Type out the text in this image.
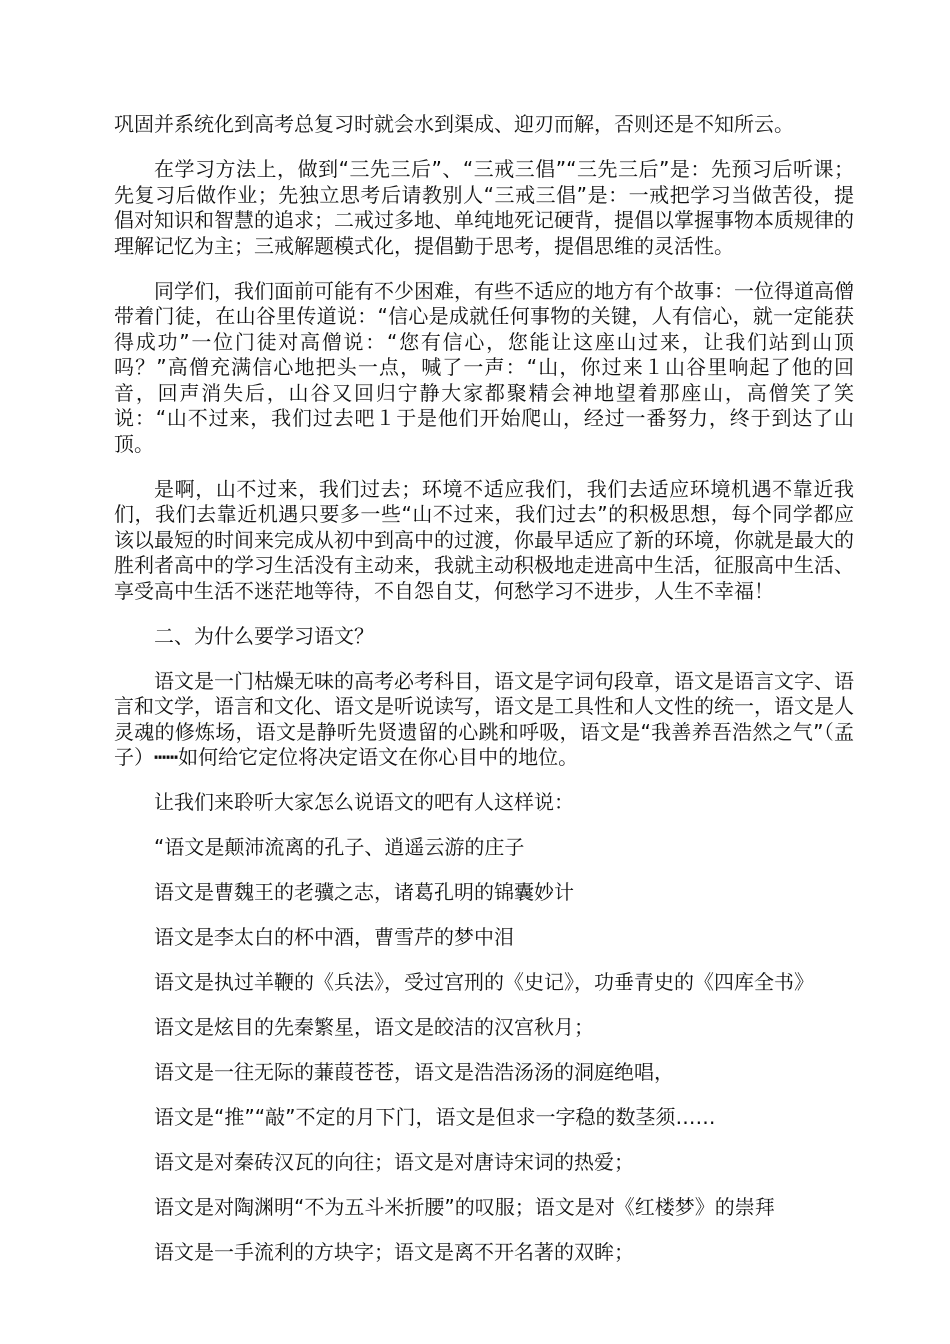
巩固并系统化到高考总复习时就会水到渠成、迎刃而解，否则还是不知所云。

在学习方法上，做到“三先三后”、“三戒三倡”“三先三后”是：先预习后听课；先复习后做作业；先独立思考后请教别人“三戒三倡”是：一戒把学习当做苦役，提倡对知识和智慧的追求；二戒过多地、单纯地死记硬背，提倡以掌握事物本质规律的理解记忆为主；三戒解题模式化，提倡勤于思考，提倡思维的灵活性。

同学们，我们面前可能有不少困难，有些不适应的地方有个故事：一位得道高僧带着门徒，在山谷里传道说：“信心是成就任何事物的关键，人有信心，就一定能获得成功”一位门徒对高僧说：“您有信心，您能让这座山过来，让我们站到山顶吗？”高僧充满信心地把头一点，喊了一声：“山，你过来１山谷里响起了他的回音，回声消失后，山谷又回归宁静大家都聚精会神地望着那座山，高僧笑了笑说：“山不过来，我们过去吧１于是他们开始爬山，经过一番努力，终于到达了山顶。

是啊，山不过来，我们过去；环境不适应我们，我们去适应环境机遇不靠近我们，我们去靠近机遇只要多一些“山不过来，我们过去”的积极思想，每个同学都应该以最短的时间来完成从初中到高中的过渡，你最早适应了新的环境，你就是最大的胜利者高中的学习生活没有主动来，我就主动积极地走进高中生活，征服高中生活、享受高中生活不迷茫地等待，不自怨自艾，何愁学习不进步，人生不幸福！

二、为什么要学习语文？

语文是一门枯燥无味的高考必考科目，语文是字词句段章，语文是语言文字、语言和文学，语言和文化、语文是听说读写，语文是工具性和人文性的统一，语文是人灵魂的修炼场，语文是静听先贤遗留的心跳和呼吸，语文是“我善养吾浩然之气”（孟子）┅┅如何给它定位将决定语文在你心目中的地位。

让我们来聆听大家怎么说语文的吧有人这样说：

“语文是颠沛流离的孔子、逍遥云游的庄子

语文是曹魏王的老骥之志，诸葛孔明的锦囊妙计

语文是李太白的杯中酒，曹雪芹的梦中泪

语文是执过羊鞭的《兵法》，受过宫刑的《史记》，功垂青史的《四库全书》

语文是炫目的先秦繁星，语文是皎洁的汉宫秋月；

语文是一往无际的蒹葭苍苍，语文是浩浩汤汤的洞庭绝唱，

语文是“推”“敲”不定的月下门，语文是但求一字稳的数茎须……

语文是对秦砖汉瓦的向往；语文是对唐诗宋词的热爱；

语文是对陶渊明“不为五斗米折腰”的叹服；语文是对《红楼梦》的崇拜

语文是一手流利的方块字；语文是离不开名著的双眸；
